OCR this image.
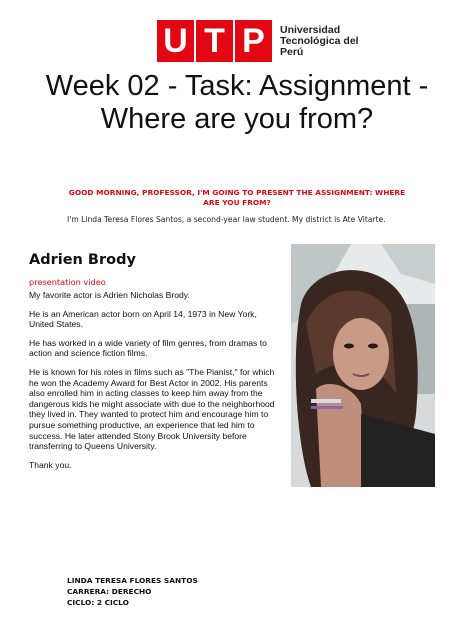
U T P	Universidad Tecnológica del Perú
Week 02 - Task: Assignment - Where are you from?
GOOD MORNING, PROFESSOR, I'M GOING TO PRESENT THE ASSIGNMENT: WHERE ARE YOU FROM?
I'm Linda Teresa Flores Santos, a second-year law student. My district is Ate Vitarte.
Adrien Brody
presentation video

My favorite actor is Adrien Nicholas Brody.

He is an American actor born on April 14, 1973 in New York, United States.

He has worked in a wide variety of film genres, from dramas to action and science fiction films.

He is known for his roles in films such as "The Pianist," for which he won the Academy Award for Best Actor in 2002. His parents also enrolled him in acting classes to keep him away from the dangerous kids he might associate with due to the neighborhood they lived in. They wanted to protect him and encourage him to pursue something productive, an experience that led him to success. He later attended Stony Brook University before transferring to Queens University.

Thank you.

LINDA TERESA FLORES SANTOS
CARRERA: DERECHO
CICLO: 2 CICLO
